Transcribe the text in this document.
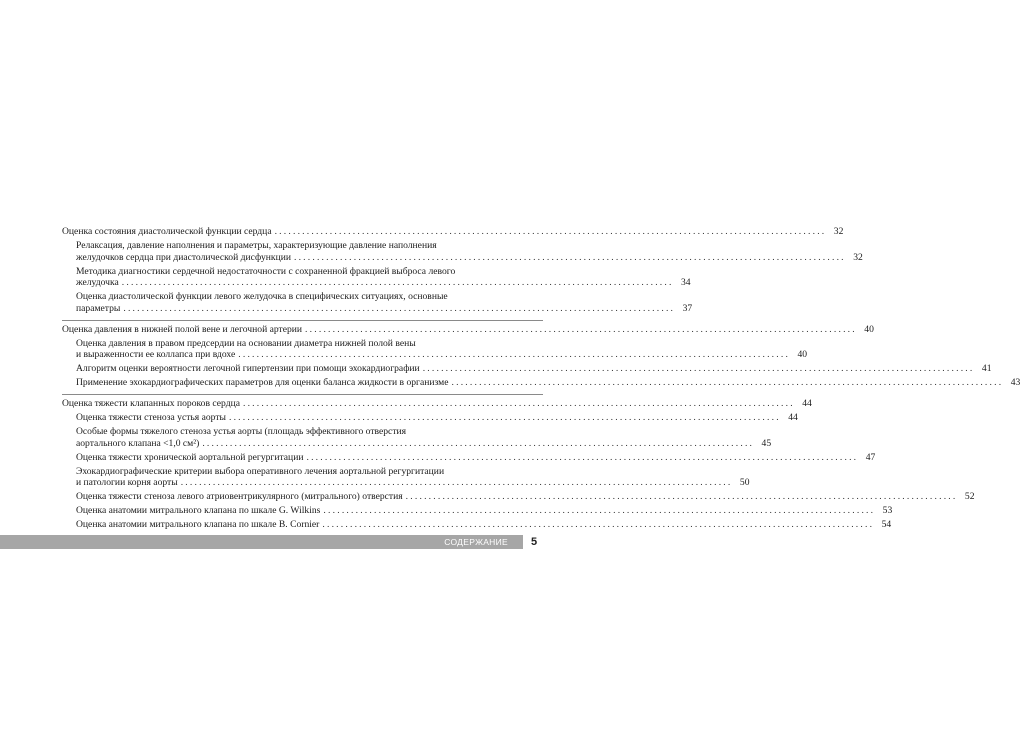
Оценка состояния диастолической функции сердца ........................................................................................................................ 32
Релаксация, давление наполнения и параметры, характеризующие давление наполнения
желудочков сердца при диастолической дисфункции ........................................................................................................................ 32
Методика диагностики сердечной недостаточности с сохраненной фракцией выброса левого
желудочка ........................................................................................................................ 34
Оценка диастолической функции левого желудочка в специфических ситуациях, основные
параметры ........................................................................................................................ 37
Оценка давления в нижней полой вене и легочной артерии ........................................................................................................................ 40
Оценка давления в правом предсердии на основании диаметра нижней полой вены
и выраженности ее коллапса при вдохе ........................................................................................................................ 40
Алгоритм оценки вероятности легочной гипертензии при помощи эхокардиографии ........................................................................................................................ 41
Применение эхокардиографических параметров для оценки баланса жидкости в организме ........................................................................................................................ 43
Оценка тяжести клапанных пороков сердца ........................................................................................................................ 44
Оценка тяжести стеноза устья аорты ........................................................................................................................ 44
Особые формы тяжелого стеноза устья аорты (площадь эффективного отверстия
аортального клапана <1,0 см²) ........................................................................................................................ 45
Оценка тяжести хронической аортальной регургитации ........................................................................................................................ 47
Эхокардиографические критерии выбора оперативного лечения аортальной регургитации
и патологии корня аорты ........................................................................................................................ 50
Оценка тяжести стеноза левого атриовентрикулярного (митрального) отверстия ........................................................................................................................ 52
Оценка анатомии митрального клапана по шкале G. Wilkins ........................................................................................................................ 53
Оценка анатомии митрального клапана по шкале B. Cornier ........................................................................................................................ 54
СОДЕРЖАНИЕ 5
